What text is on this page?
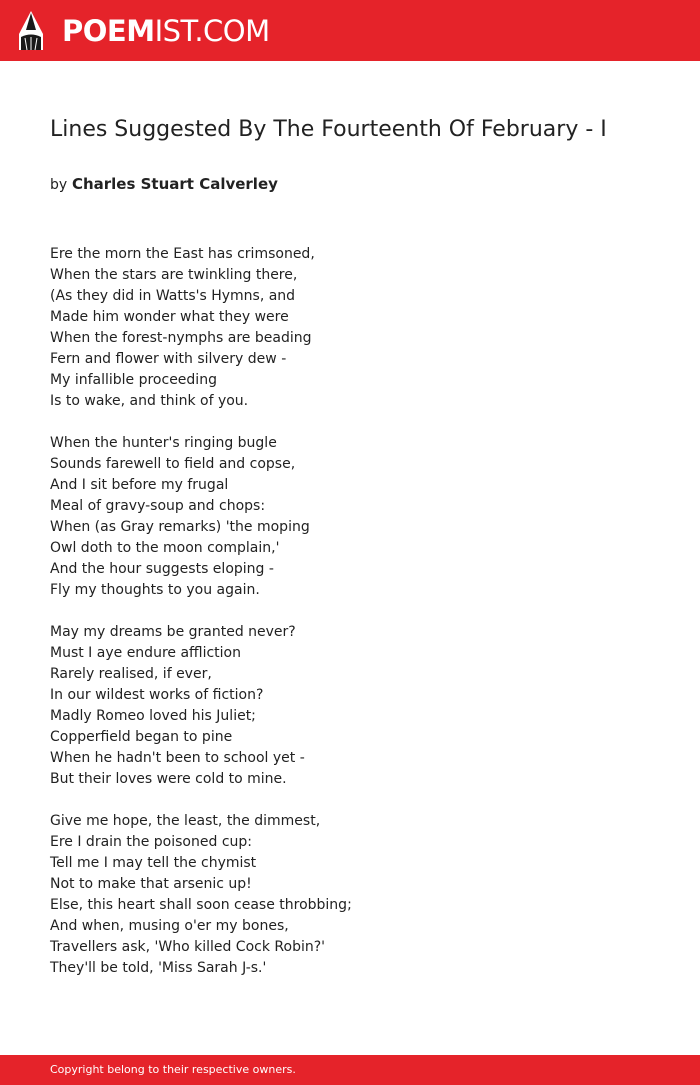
POEMIST.COM
Lines Suggested By The Fourteenth Of February - I
by Charles Stuart Calverley
Ere the morn the East has crimsoned,
When the stars are twinkling there,
(As they did in Watts's Hymns, and
Made him wonder what they were
When the forest-nymphs are beading
Fern and flower with silvery dew -
My infallible proceeding
Is to wake, and think of you.
When the hunter's ringing bugle
Sounds farewell to field and copse,
And I sit before my frugal
Meal of gravy-soup and chops:
When (as Gray remarks) 'the moping
Owl doth to the moon complain,'
And the hour suggests eloping -
Fly my thoughts to you again.
May my dreams be granted never?
Must I aye endure affliction
Rarely realised, if ever,
In our wildest works of fiction?
Madly Romeo loved his Juliet;
Copperfield began to pine
When he hadn't been to school yet -
But their loves were cold to mine.
Give me hope, the least, the dimmest,
Ere I drain the poisoned cup:
Tell me I may tell the chymist
Not to make that arsenic up!
Else, this heart shall soon cease throbbing;
And when, musing o'er my bones,
Travellers ask, 'Who killed Cock Robin?'
They'll be told, 'Miss Sarah J-s.'
Copyright belong to their respective owners.
